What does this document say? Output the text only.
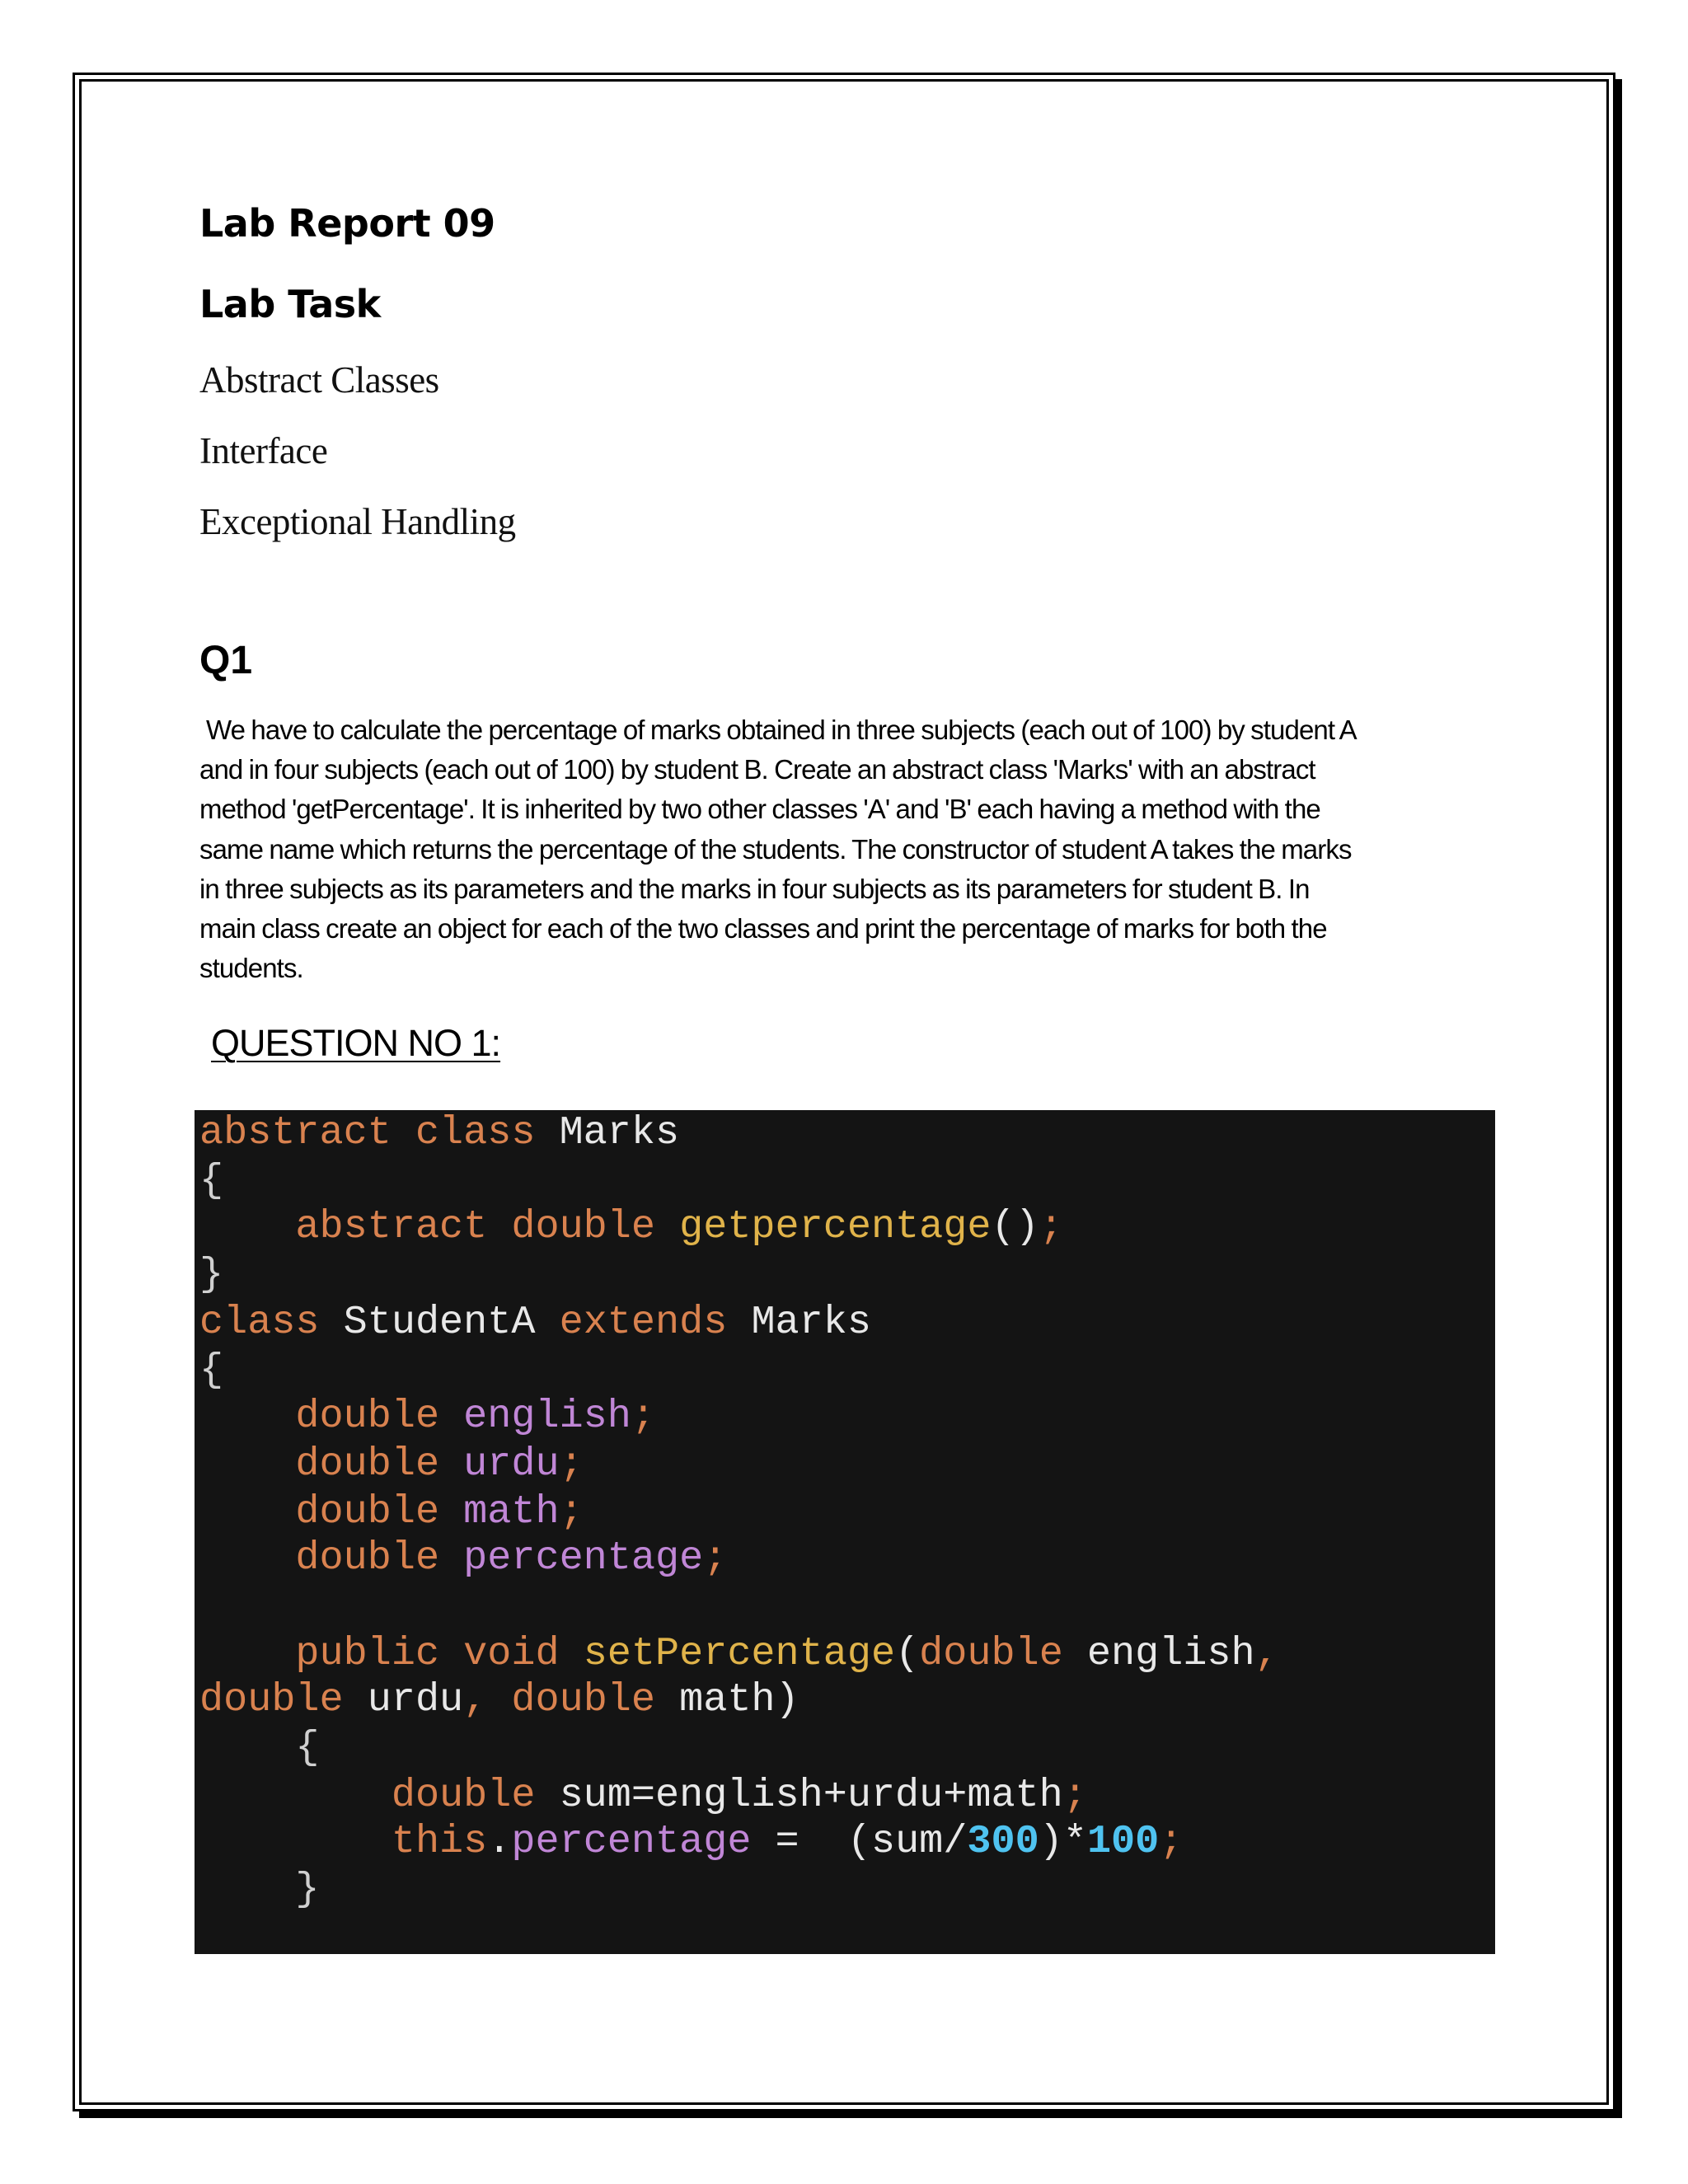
Lab Report 09
Lab Task
Abstract Classes
Interface
Exceptional Handling
Q1
We have to calculate the percentage of marks obtained in three subjects (each out of 100) by student A
and in four subjects (each out of 100) by student B. Create an abstract class 'Marks' with an abstract
method 'getPercentage'. It is inherited by two other classes 'A' and 'B' each having a method with the
same name which returns the percentage of the students. The constructor of student A takes the marks
in three subjects as its parameters and the marks in four subjects as its parameters for student B. In
main class create an object for each of the two classes and print the percentage of marks for both the
students.
QUESTION NO 1:
abstract class Marks
{
abstract double getpercentage();
}
class StudentA extends Marks
{
double english;
double urdu;
double math;
double percentage;
public void setPercentage(double english,
double urdu, double math)
{
double sum=english+urdu+math;
this.percentage =  (sum/300)*100;
}
